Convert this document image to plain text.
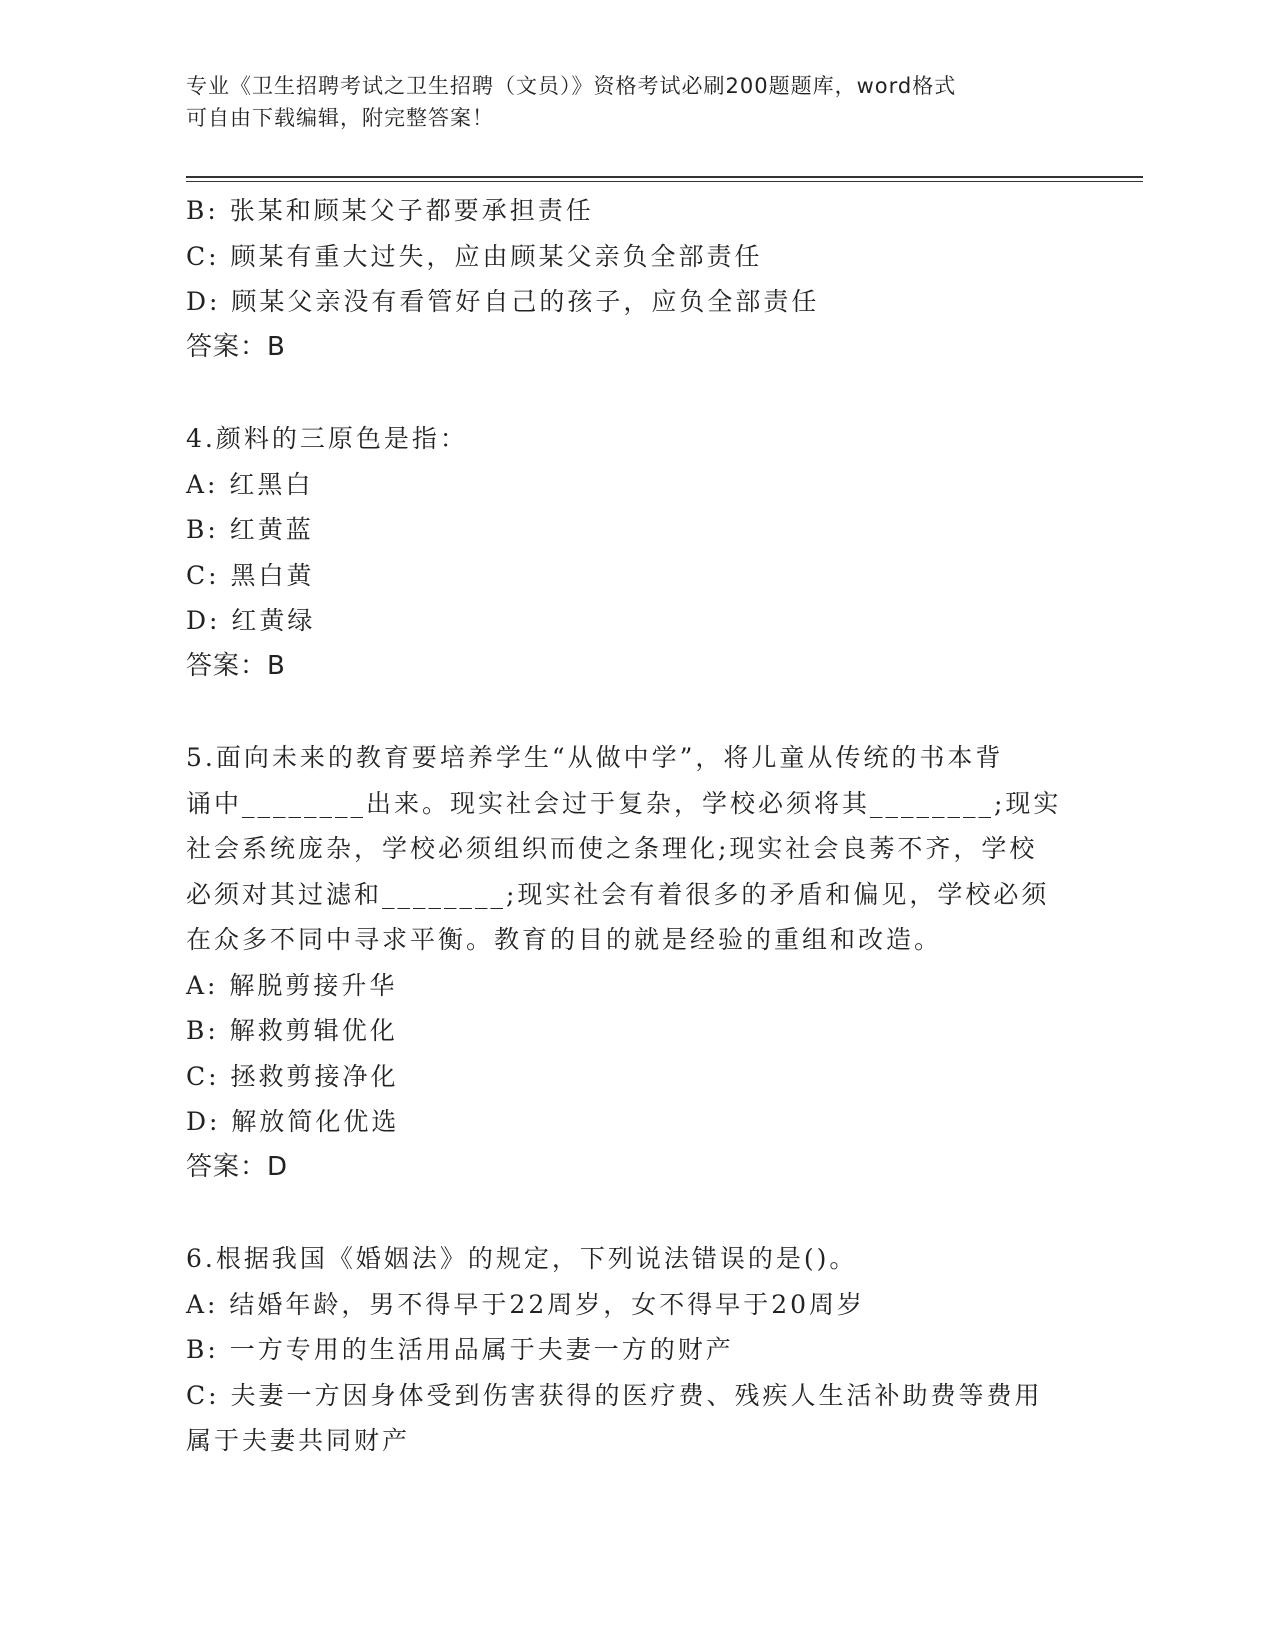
专业《卫生招聘考试之卫生招聘（文员）》资格考试必刷200题题库，word格式
可自由下载编辑，附完整答案！
B: 张某和顾某父子都要承担责任
C: 顾某有重大过失，应由顾某父亲负全部责任
D: 顾某父亲没有看管好自己的孩子，应负全部责任
答案：B
4.颜料的三原色是指：
A: 红黑白
B: 红黄蓝
C: 黑白黄
D: 红黄绿
答案：B
5.面向未来的教育要培养学生“从做中学”，将儿童从传统的书本背
诵中________出来。现实社会过于复杂，学校必须将其________;现实
社会系统庞杂，学校必须组织而使之条理化;现实社会良莠不齐，学校
必须对其过滤和________;现实社会有着很多的矛盾和偏见，学校必须
在众多不同中寻求平衡。教育的目的就是经验的重组和改造。
A: 解脱剪接升华
B: 解救剪辑优化
C: 拯救剪接净化
D: 解放简化优选
答案：D
6.根据我国《婚姻法》的规定，下列说法错误的是()。
A: 结婚年龄，男不得早于22周岁，女不得早于20周岁
B: 一方专用的生活用品属于夫妻一方的财产
C: 夫妻一方因身体受到伤害获得的医疗费、残疾人生活补助费等费用
属于夫妻共同财产
